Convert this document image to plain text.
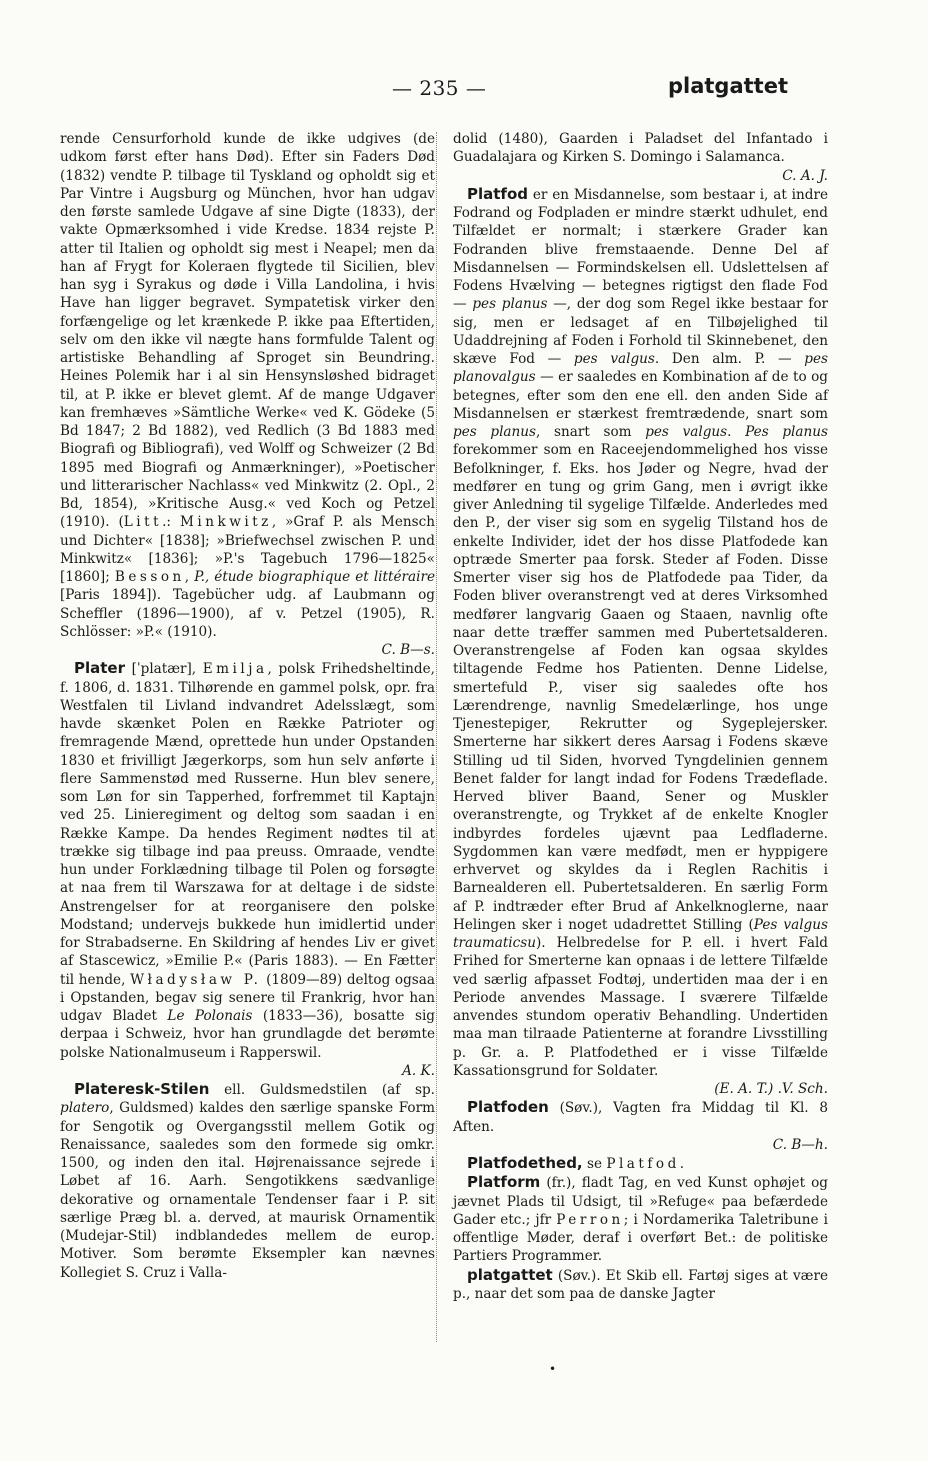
— 235 —	platgattet

rende Censurforhold kunde de ikke udgives (de udkom først efter hans Død). Efter sin Faders Død (1832) vendte P. tilbage til Tyskland og opholdt sig et Par Vintre i Augsburg og München, hvor han udgav den første samlede Udgave af sine Digte (1833), der vakte Opmærksomhed i vide Kredse. 1834 rejste P. atter til Italien og opholdt sig mest i Neapel; men da han af Frygt for Koleraen flygtede til Sicilien, blev han syg i Syrakus og døde i Villa Landolina, i hvis Have han ligger begravet. Sympatetisk virker den forfængelige og let krænkede P. ikke paa Eftertiden, selv om den ikke vil nægte hans formfulde Talent og artistiske Behandling af Sproget sin Beundring. Heines Polemik har i al sin Hensynsløshed bidraget til, at P. ikke er blevet glemt. Af de mange Udgaver kan fremhæves »Sämtliche Werke« ved K. Gödeke (5 Bd 1847; 2 Bd 1882), ved Redlich (3 Bd 1883 med Biografi og Bibliografi), ved Wolff og Schweizer (2 Bd 1895 med Biografi og Anmærkninger), »Poetischer und litterarischer Nachlass« ved Minkwitz (2. Opl., 2 Bd, 1854), »Kritische Ausg.« ved Koch og Petzel (1910). (Litt.: Minkwitz, »Graf P. als Mensch und Dichter« [1838]; »Briefwechsel zwischen P. und Minkwitz« [1836]; »P.'s Tagebuch 1796—1825« [1860]; Besson, P., étude biographique et littéraire [Paris 1894]). Tagebücher udg. af Laubmann og Scheffler (1896—1900), af v. Petzel (1905), R. Schlösser: »P.« (1910).
C. B—s.

Plater [ˈplatær], Emilja, polsk Frihedsheltinde, f. 1806, d. 1831. Tilhørende en gammel polsk, opr. fra Westfalen til Livland indvandret Adelsslægt, som havde skænket Polen en Række Patrioter og fremragende Mænd, oprettede hun under Opstanden 1830 et frivilligt Jægerkorps, som hun selv anførte i flere Sammenstød med Russerne. Hun blev senere, som Løn for sin Tapperhed, forfremmet til Kaptajn ved 25. Linieregiment og deltog som saadan i en Række Kampe. Da hendes Regiment nødtes til at trække sig tilbage ind paa preuss. Omraade, vendte hun under Forklædning tilbage til Polen og forsøgte at naa frem til Warszawa for at deltage i de sidste Anstrengelser for at reorganisere den polske Modstand; undervejs bukkede hun imidlertid under for Strabadserne. En Skildring af hendes Liv er givet af Stascewicz, »Emilie P.« (Paris 1883). — En Fætter til hende, Władysław P. (1809—89) deltog ogsaa i Opstanden, begav sig senere til Frankrig, hvor han udgav Bladet Le Polonais (1833—36), bosatte sig derpaa i Schweiz, hvor han grundlagde det berømte polske Nationalmuseum i Rapperswil.
A. K.

Plateresk-Stilen ell. Guldsmedstilen (af sp. platero, Guldsmed) kaldes den særlige spanske Form for Sengotik og Overgangsstil mellem Gotik og Renaissance, saaledes som den formede sig omkr. 1500, og inden den ital. Højrenaissance sejrede i Løbet af 16. Aarh. Sengotikkens sædvanlige dekorative og ornamentale Tendenser faar i P. sit særlige Præg bl. a. derved, at maurisk Ornamentik (Mudejar-Stil) indblandedes mellem de europ. Motiver. Som berømte Eksempler kan nævnes Kollegiet S. Cruz i Valla-

dolid (1480), Gaarden i Paladset del Infantado i Guadalajara og Kirken S. Domingo i Salamanca.
C. A. J.

Platfod er en Misdannelse, som bestaar i, at indre Fodrand og Fodpladen er mindre stærkt udhulet, end Tilfældet er normalt; i stærkere Grader kan Fodranden blive fremstaaende. Denne Del af Misdannelsen — Formindskelsen ell. Udslettelsen af Fodens Hvælving — betegnes rigtigst den flade Fod — pes planus —, der dog som Regel ikke bestaar for sig, men er ledsaget af en Tilbøjelighed til Udaddrejning af Foden i Forhold til Skinnebenet, den skæve Fod — pes valgus. Den alm. P. — pes planovalgus — er saaledes en Kombination af de to og betegnes, efter som den ene ell. den anden Side af Misdannelsen er stærkest fremtrædende, snart som pes planus, snart som pes valgus. Pes planus forekommer som en Raceejendommelighed hos visse Befolkninger, f. Eks. hos Jøder og Negre, hvad der medfører en tung og grim Gang, men i øvrigt ikke giver Anledning til sygelige Tilfælde. Anderledes med den P., der viser sig som en sygelig Tilstand hos de enkelte Individer, idet der hos disse Platfodede kan optræde Smerter paa forsk. Steder af Foden. Disse Smerter viser sig hos de Platfodede paa Tider, da Foden bliver overanstrengt ved at deres Virksomhed medfører langvarig Gaaen og Staaen, navnlig ofte naar dette træffer sammen med Pubertetsalderen. Overanstrengelse af Foden kan ogsaa skyldes tiltagende Fedme hos Patienten. Denne Lidelse, smertefuld P., viser sig saaledes ofte hos Lærendrenge, navnlig Smedelærlinge, hos unge Tjenestepiger, Rekrutter og Sygeplejersker. Smerterne har sikkert deres Aarsag i Fodens skæve Stilling ud til Siden, hvorved Tyngdelinien gennem Benet falder for langt indad for Fodens Trædeflade. Herved bliver Baand, Sener og Muskler overanstrengte, og Trykket af de enkelte Knogler indbyrdes fordeles ujævnt paa Ledfladerne. Sygdommen kan være medfødt, men er hyppigere erhvervet og skyldes da i Reglen Rachitis i Barnealderen ell. Pubertetsalderen. En særlig Form af P. indtræder efter Brud af Ankelknoglerne, naar Helingen sker i noget udadrettet Stilling (Pes valgus traumaticsu). Helbredelse for P. ell. i hvert Fald Frihed for Smerterne kan opnaas i de lettere Tilfælde ved særlig afpasset Fodtøj, undertiden maa der i en Periode anvendes Massage. I sværere Tilfælde anvendes stundom operativ Behandling. Undertiden maa man tilraade Patienterne at forandre Livsstilling p. Gr. a. P. Platfodethed er i visse Tilfælde Kassationsgrund for Soldater.
(E. A. T.) .V. Sch.

Platfoden (Søv.), Vagten fra Middag til Kl. 8 Aften.
C. B—h.

Platfodethed, se Platfod.

Platform (fr.), fladt Tag, en ved Kunst ophøjet og jævnet Plads til Udsigt, til »Refuge« paa befærdede Gader etc.; jfr Perron; i Nordamerika Taletribune i offentlige Møder, deraf i overført Bet.: de politiske Partiers Programmer.

platgattet (Søv.). Et Skib ell. Fartøj siges at være p., naar det som paa de danske Jagter

•
